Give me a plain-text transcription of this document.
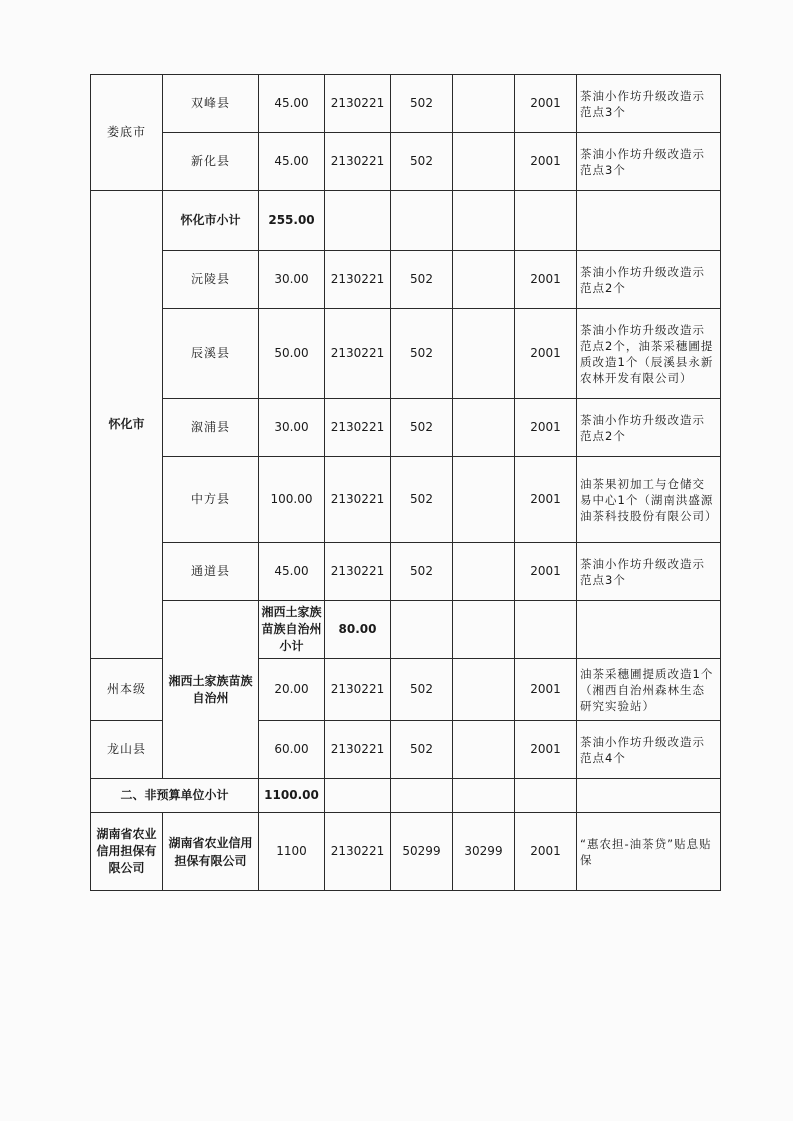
娄底市	双峰县	45.00	2130221	502		2001	茶油小作坊升级改造示范点3个	
	新化县	45.00	2130221	502		2001	茶油小作坊升级改造示范点3个	
怀化市	怀化市小计	255.00						
	沅陵县	30.00	2130221	502		2001	茶油小作坊升级改造示范点2个	
	辰溪县	50.00	2130221	502		2001	茶油小作坊升级改造示范点2个，油茶采穗圃提质改造1个（辰溪县永新农林开发有限公司）	
	溆浦县	30.00	2130221	502		2001	茶油小作坊升级改造示范点2个	
	中方县	100.00	2130221	502		2001	油茶果初加工与仓储交易中心1个（湖南洪盛源油茶科技股份有限公司）	
	通道县	45.00	2130221	502		2001	茶油小作坊升级改造示范点3个	
	湘西土家族苗族自治州	湘西土家族苗族自治州小计	80.00					
州本级		20.00	2130221	502		2001	油茶采穗圃提质改造1个（湘西自治州森林生态研究实验站）	
龙山县		60.00	2130221	502		2001	茶油小作坊升级改造示范点4个	
二、非预算单位小计		1100.00						
湖南省农业信用担保有限公司	湖南省农业信用担保有限公司	1100	2130221	50299	30299	2001	“惠农担-油茶贷”贴息贴保	
